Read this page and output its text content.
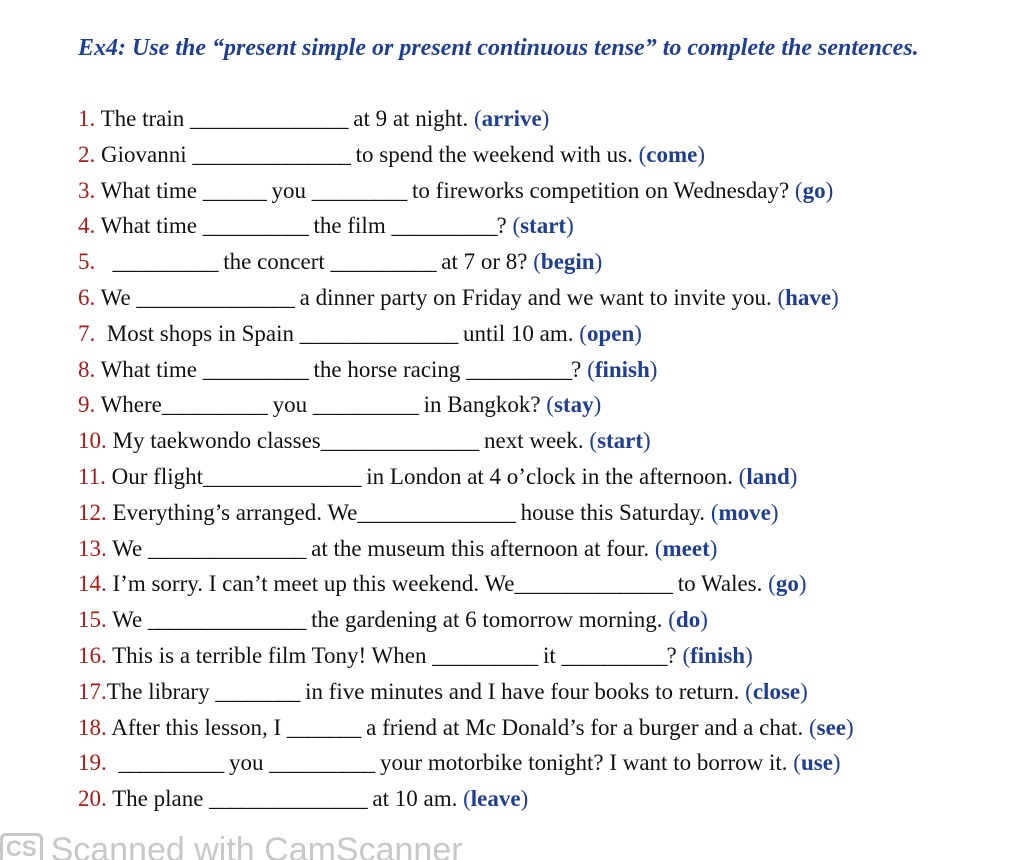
Ex4: Use the “present simple or present continuous tense” to complete the sentences.
1. The train _______________ at 9 at night. (arrive)
2. Giovanni _______________ to spend the weekend with us. (come)
3. What time ______ you _________ to fireworks competition on Wednesday? (go)
4. What time __________ the film __________? (start)
5. __________ the concert __________ at 7 or 8? (begin)
6. We _______________ a dinner party on Friday and we want to invite you. (have)
7.  Most shops in Spain _______________ until 10 am. (open)
8. What time __________ the horse racing __________? (finish)
9. Where__________ you __________ in Bangkok? (stay)
10. My taekwondo classes_______________ next week. (start)
11. Our flight_______________ in London at 4 o’clock in the afternoon. (land)
12. Everything’s arranged. We_______________ house this Saturday. (move)
13. We _______________ at the museum this afternoon at four. (meet)
14. I’m sorry. I can’t meet up this weekend. We_______________ to Wales. (go)
15. We _______________ the gardening at 6 tomorrow morning. (do)
16. This is a terrible film Tony! When __________ it __________? (finish)
17.The library ________ in five minutes and I have four books to return. (close)
18. After this lesson, I _______ a friend at Mc Donald’s for a burger and a chat. (see)
19. __________ you __________ your motorbike tonight? I want to borrow it. (use)
20. The plane _______________ at 10 am. (leave)
CS Scanned with CamScanner
